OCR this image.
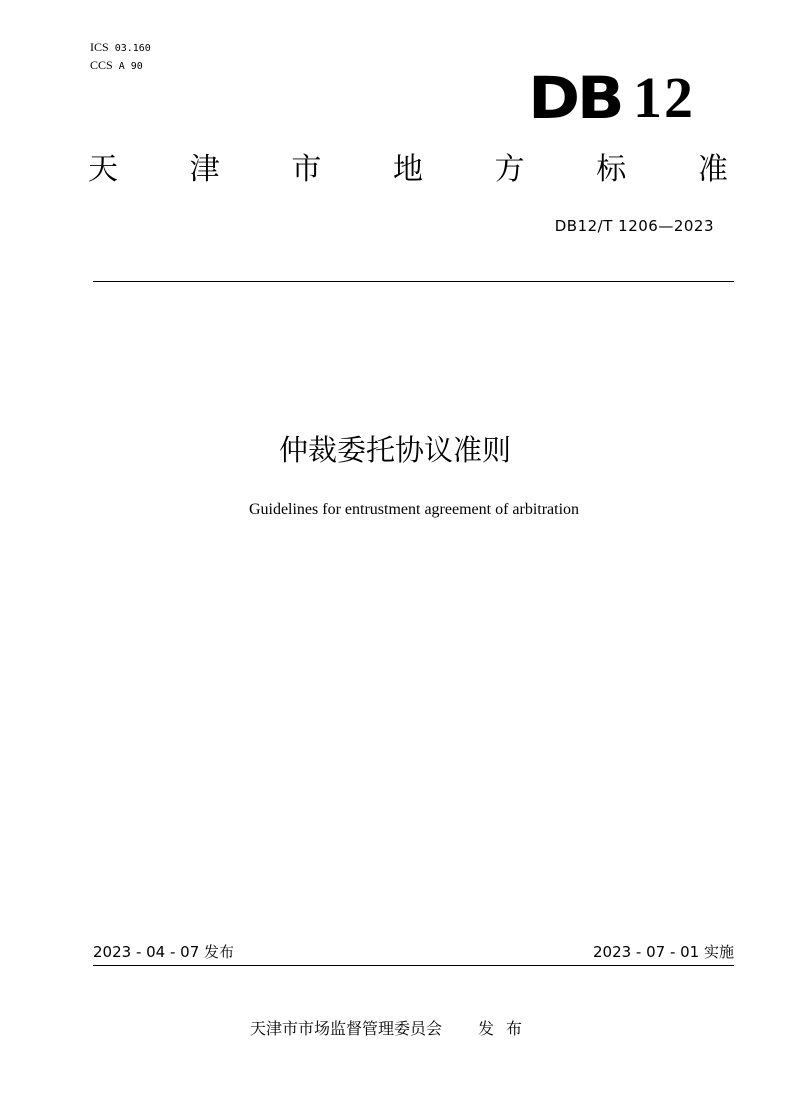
ICS 03.160
CCS A 90	DB 12
天 津 市 地 方 标 准
DB12/T 1206—2023
仲裁委托协议准则
Guidelines for entrustment agreement of arbitration
2023 - 04 - 07 发布	2023 - 07 - 01 实施
天津市市场监督管理委员会 发布
